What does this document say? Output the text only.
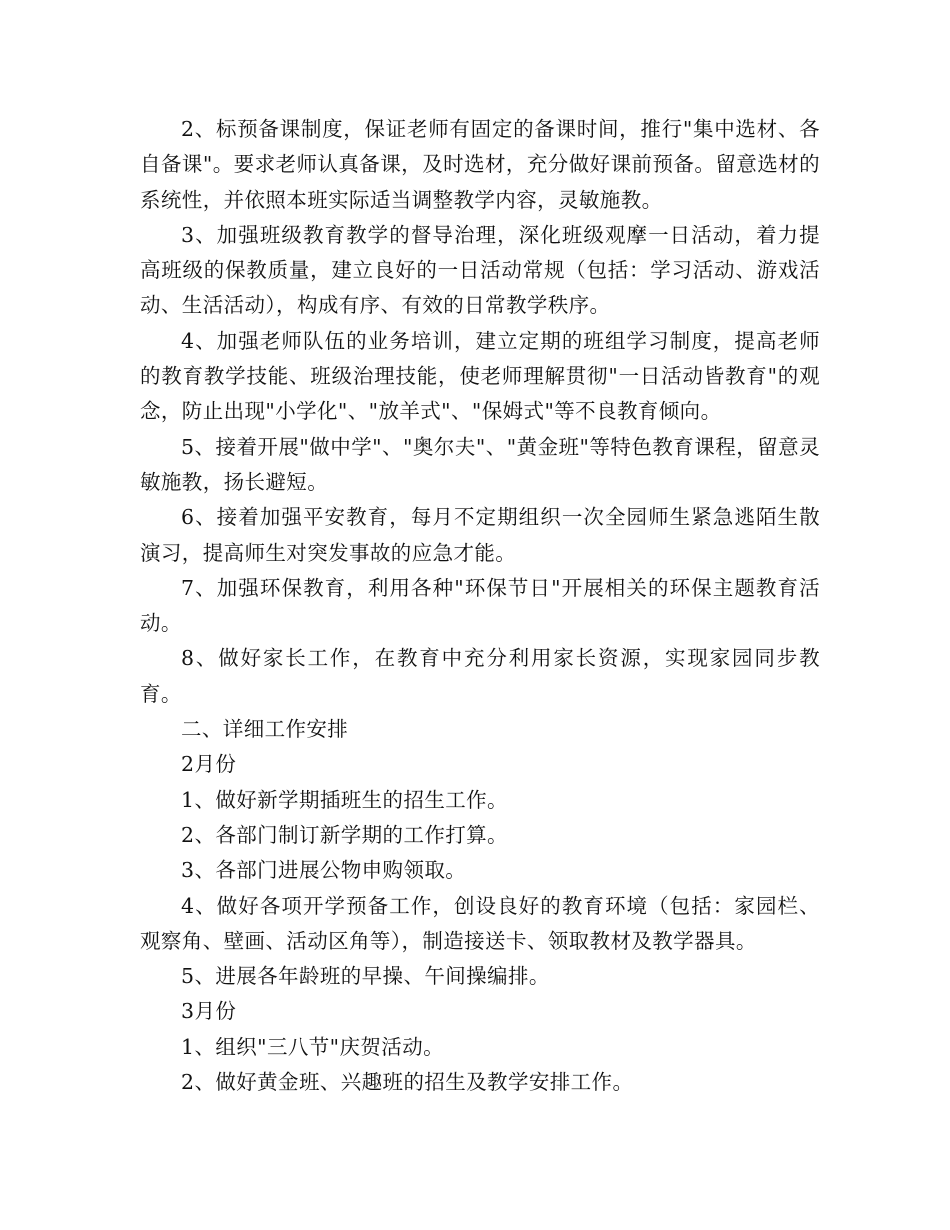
2、标预备课制度，保证老师有固定的备课时间，推行"集中选材、各自备课"。要求老师认真备课，及时选材，充分做好课前预备。留意选材的系统性，并依照本班实际适当调整教学内容，灵敏施教。

3、加强班级教育教学的督导治理，深化班级观摩一日活动，着力提高班级的保教质量，建立良好的一日活动常规（包括：学习活动、游戏活动、生活活动），构成有序、有效的日常教学秩序。

4、加强老师队伍的业务培训，建立定期的班组学习制度，提高老师的教育教学技能、班级治理技能，使老师理解贯彻"一日活动皆教育"的观念，防止出现"小学化"、"放羊式"、"保姆式"等不良教育倾向。

5、接着开展"做中学"、"奥尔夫"、"黄金班"等特色教育课程，留意灵敏施教，扬长避短。

6、接着加强平安教育，每月不定期组织一次全园师生紧急逃陌生散演习，提高师生对突发事故的应急才能。

7、加强环保教育，利用各种"环保节日"开展相关的环保主题教育活动。

8、做好家长工作，在教育中充分利用家长资源，实现家园同步教育。

二、详细工作安排

2月份

1、做好新学期插班生的招生工作。

2、各部门制订新学期的工作打算。

3、各部门进展公物申购领取。

4、做好各项开学预备工作，创设良好的教育环境（包括：家园栏、观察角、壁画、活动区角等），制造接送卡、领取教材及教学器具。

5、进展各年龄班的早操、午间操编排。

3月份

1、组织"三八节"庆贺活动。

2、做好黄金班、兴趣班的招生及教学安排工作。
